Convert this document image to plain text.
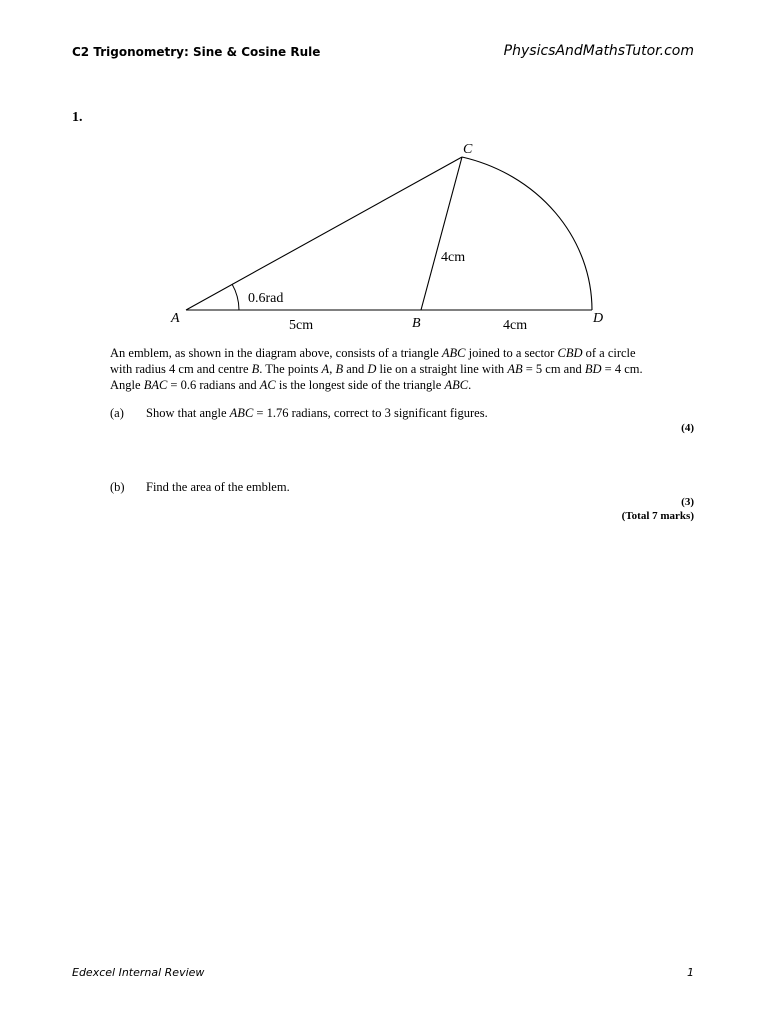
C2 Trigonometry: Sine & Cosine Rule	PhysicsAndMathsTutor.com
1.
A	B
C
D
0.6rad
5cm	4cm
4cm
An emblem, as shown in the diagram above, consists of a triangle ABC joined to a sector CBD of a circle with radius 4 cm and centre B. The points A, B and D lie on a straight line with AB = 5 cm and BD = 4 cm. Angle BAC = 0.6 radians and AC is the longest side of the triangle ABC.
(a) Show that angle ABC = 1.76 radians, correct to 3 significant figures.
(4)
(b) Find the area of the emblem.
(3)
(Total 7 marks)
Edexcel Internal Review	1
